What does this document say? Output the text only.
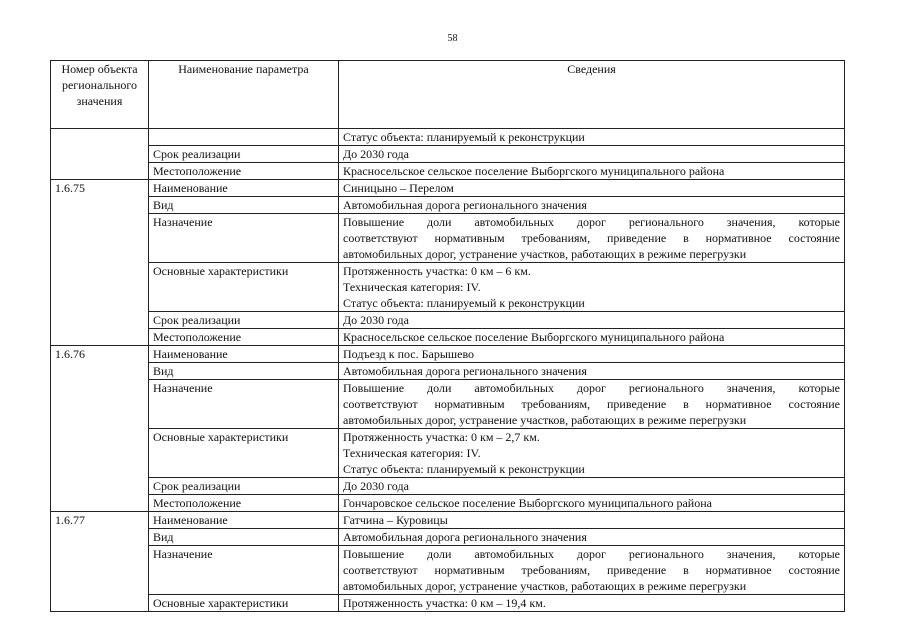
58
Номер объекта регионального значения	Наименование параметра	Сведения
		Статус объекта: планируемый к реконструкции
	Срок реализации	До 2030 года
	Местоположение	Красносельское сельское поселение Выборгского муниципального района
1.6.75	Наименование	Синицыно – Перелом
	Вид	Автомобильная дорога регионального значения
	Назначение	Повышение доли автомобильных дорог регионального значения, которые
соответствуют нормативным требованиям, приведение в нормативное состояние
автомобильных дорог, устранение участков, работающих в режиме перегрузки

	Основные характеристики	Протяженность участка: 0 км – 6 км.
Техническая категория: IV.
Статус объекта: планируемый к реконструкции

	Срок реализации	До 2030 года
	Местоположение	Красносельское сельское поселение Выборгского муниципального района
1.6.76	Наименование	Подъезд к пос. Барышево
	Вид	Автомобильная дорога регионального значения
	Назначение	Повышение доли автомобильных дорог регионального значения, которые
соответствуют нормативным требованиям, приведение в нормативное состояние
автомобильных дорог, устранение участков, работающих в режиме перегрузки

	Основные характеристики	Протяженность участка: 0 км – 2,7 км.
Техническая категория: IV.
Статус объекта: планируемый к реконструкции

	Срок реализации	До 2030 года
	Местоположение	Гончаровское сельское поселение Выборгского муниципального района
1.6.77	Наименование	Гатчина – Куровицы
	Вид	Автомобильная дорога регионального значения
	Назначение	Повышение доли автомобильных дорог регионального значения, которые
соответствуют нормативным требованиям, приведение в нормативное состояние
автомобильных дорог, устранение участков, работающих в режиме перегрузки

	Основные характеристики	Протяженность участка: 0 км – 19,4 км.
